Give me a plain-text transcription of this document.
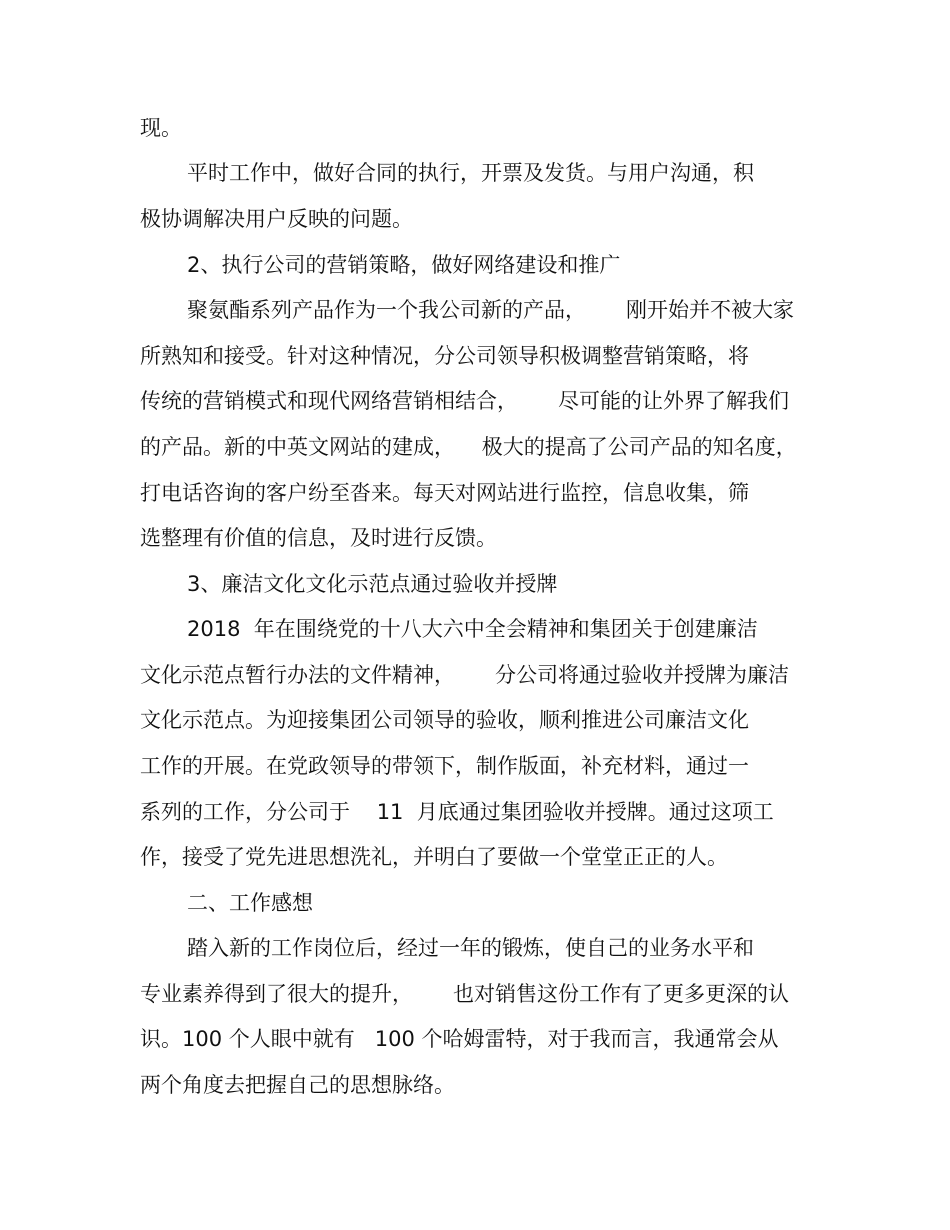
现。

平时工作中，做好合同的执行，开票及发货。与用户沟通，积

极协调解决用户反映的问题。

2、执行公司的营销策略，做好网络建设和推广

聚氨酯系列产品作为一个我公司新的产品，      刚开始并不被大家

所熟知和接受。针对这种情况，分公司领导积极调整营销策略，将

传统的营销模式和现代网络营销相结合，      尽可能的让外界了解我们

的产品。新的中英文网站的建成，    极大的提高了公司产品的知名度，

打电话咨询的客户纷至沓来。每天对网站进行监控，信息收集，筛

选整理有价值的信息，及时进行反馈。

3、廉洁文化文化示范点通过验收并授牌

2018  年在围绕党的十八大六中全会精神和集团关于创建廉洁

文化示范点暂行办法的文件精神，      分公司将通过验收并授牌为廉洁

文化示范点。为迎接集团公司领导的验收，顺利推进公司廉洁文化

工作的开展。在党政领导的带领下，制作版面，补充材料，通过一

系列的工作，分公司于    11  月底通过集团验收并授牌。通过这项工

作，接受了党先进思想洗礼，并明白了要做一个堂堂正正的人。

二、工作感想

踏入新的工作岗位后，经过一年的锻炼，使自己的业务水平和

专业素养得到了很大的提升，      也对销售这份工作有了更多更深的认

识。100 个人眼中就有   100 个哈姆雷特，对于我而言，我通常会从

两个角度去把握自己的思想脉络。
